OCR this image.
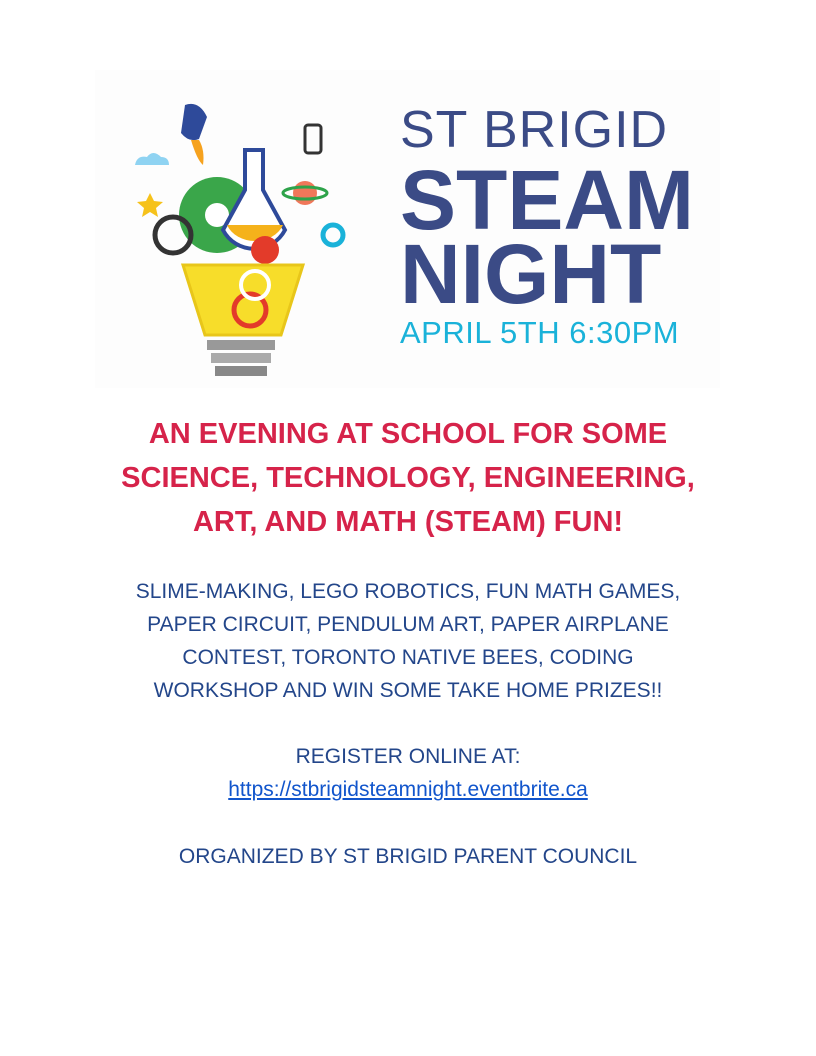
ST BRIGID
STEAM
NIGHT
APRIL 5TH 6:30PM
AN EVENING AT SCHOOL FOR SOME
SCIENCE, TECHNOLOGY, ENGINEERING,
ART, AND MATH (STEAM) FUN!
SLIME-MAKING, LEGO ROBOTICS, FUN MATH GAMES,
PAPER CIRCUIT, PENDULUM ART, PAPER AIRPLANE
CONTEST, TORONTO NATIVE BEES, CODING
WORKSHOP AND WIN SOME TAKE HOME PRIZES!!
REGISTER ONLINE AT:
https://stbrigidsteamnight.eventbrite.ca
ORGANIZED BY ST BRIGID PARENT COUNCIL
